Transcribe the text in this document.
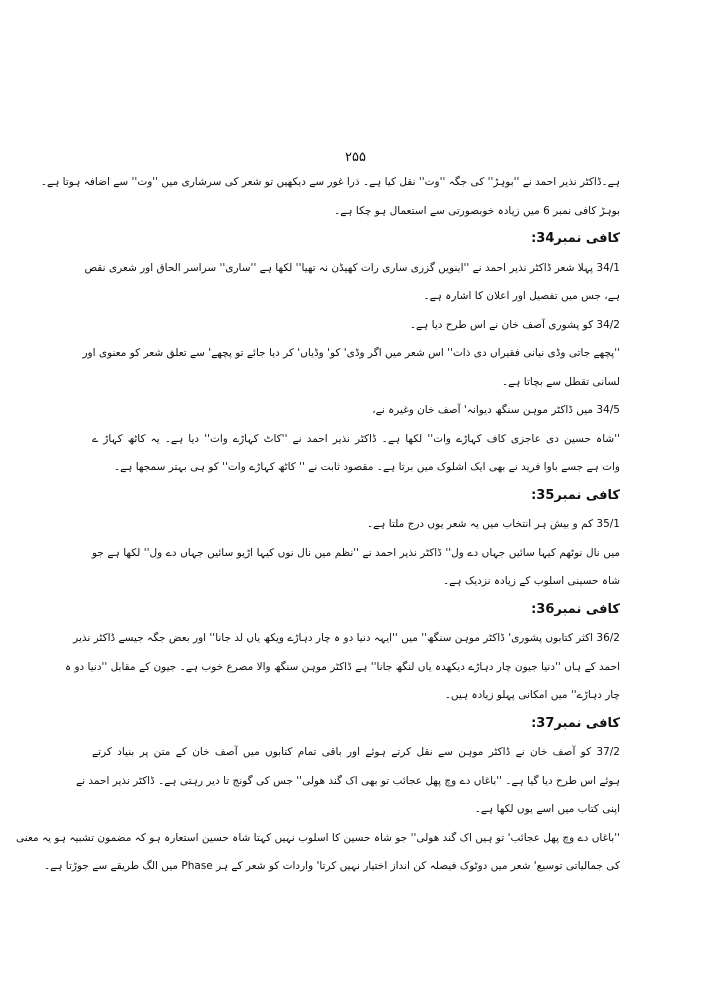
۲۵۵
ہے۔ڈاکٹر نذیر احمد نے ''بوہڑ'' کی جگہ ''وت'' نقل کیا ہے۔ ذرا غور سے دیکھیں تو شعر کی سرشاری میں ''وت'' سے اضافہ ہوتا ہے۔
بوہڑ کافی نمبر 6 میں زیادہ خوبصورتی سے استعمال ہو چکا ہے۔
کافی نمبر34:
34/1 پہلا شعر ڈاکٹر نذیر احمد نے ''اینویں گزری ساری رات کھیڈن نہ تھیا'' لکھا ہے ''ساری'' سراسر الحاق اور شعری نقص
ہے، جس میں تفصیل اور اعلان کا اشارہ ہے۔
34/2 کو پشوری آصف خان نے اس طرح دیا ہے۔
''پچھے جاتی وڈی نیانی فقیراں دی ذات'' اس شعر میں اگر وڈی' کو' وڈیاں' کر دیا جائے تو پچھے' سے تعلق شعر کو معنوی اور
لسانی تقطل سے بچاتا ہے۔
34/5 میں ڈاکٹر موہن سنگھ دیوانہ' آصف خان وغیرہ نے،
''شاہ حسین دی عاجزی کاف کہاڑے وات'' لکھا ہے۔ ڈاکٹر نذیر احمد نے ''کاٹ کہاڑے وات'' دیا ہے۔ یہ کاٹھ کہاڑ ے
وات ہے جسے باوا فرید نے بھی ایک اشلوک میں برتا ہے۔ مقصود ثابت نے '' کاٹھ کہاڑے وات'' کو ہی بہتر سمجھا ہے۔
کافی نمبر35:
35/1 کم و بیش ہر انتخاب میں یہ شعر یوں درج ملتا ہے۔
میں نال نوٹھم کیہا سائیں جہاں دے ول'' ڈاکٹر نذیر احمد نے ''نظم میں نال نوں کیہا اڑیو سائیں جہاں دے ول'' لکھا ہے جو
شاہ حسینی اسلوب کے زیادہ نزدیک ہے۔
کافی نمبر36:
36/2 اکثر کتابوں پشوری' ڈاکٹر موہن سنگھ'' میں ''ایہہ دنیا دو ہ چار دہاڑے ویکھ یاں لد جانا'' اور بعض جگہ جیسے ڈاکٹر نذیر
احمد کے ہاں ''دنیا جیون چار دہاڑے دیکھدہ یاں لنگھ جانا'' ہے ڈاکٹر موہن سنگھ والا مصرع خوب ہے۔ جیون کے مقابل ''دنیا دو ہ
چار دہاڑے'' میں امکانی پہلو زیادہ ہیں۔
کافی نمبر37:
37/2 کو آصف خان نے ڈاکٹر موہن سے نقل کرتے ہوئے اور باقی تمام کتابوں میں آصف خان کے متن پر بنیاد کرتے
ہوئے اس طرح دیا گیا ہے۔ ''باغاں دے وچ پھل عجائب تو بھی اک گند ھولی'' جس کی گونج تا دیر رہتی ہے۔ ڈاکٹر نذیر احمد نے
اپنی کتاب میں اسے یوں لکھا ہے۔
''باغاں دے وچ پھل عجائب' تو ہیں اک گند ھولی'' جو شاہ حسین کا اسلوب نہیں کہتا شاہ حسین استعارہ ہو کہ مضمون تشبیہ ہو یہ معنی
کی جمالیاتی توسیع' شعر میں دوٹوک فیصلہ کن انداز اختیار نہیں کرتا' واردات کو شعر کے ہر Phase میں الگ طریقے سے جوڑتا ہے۔
